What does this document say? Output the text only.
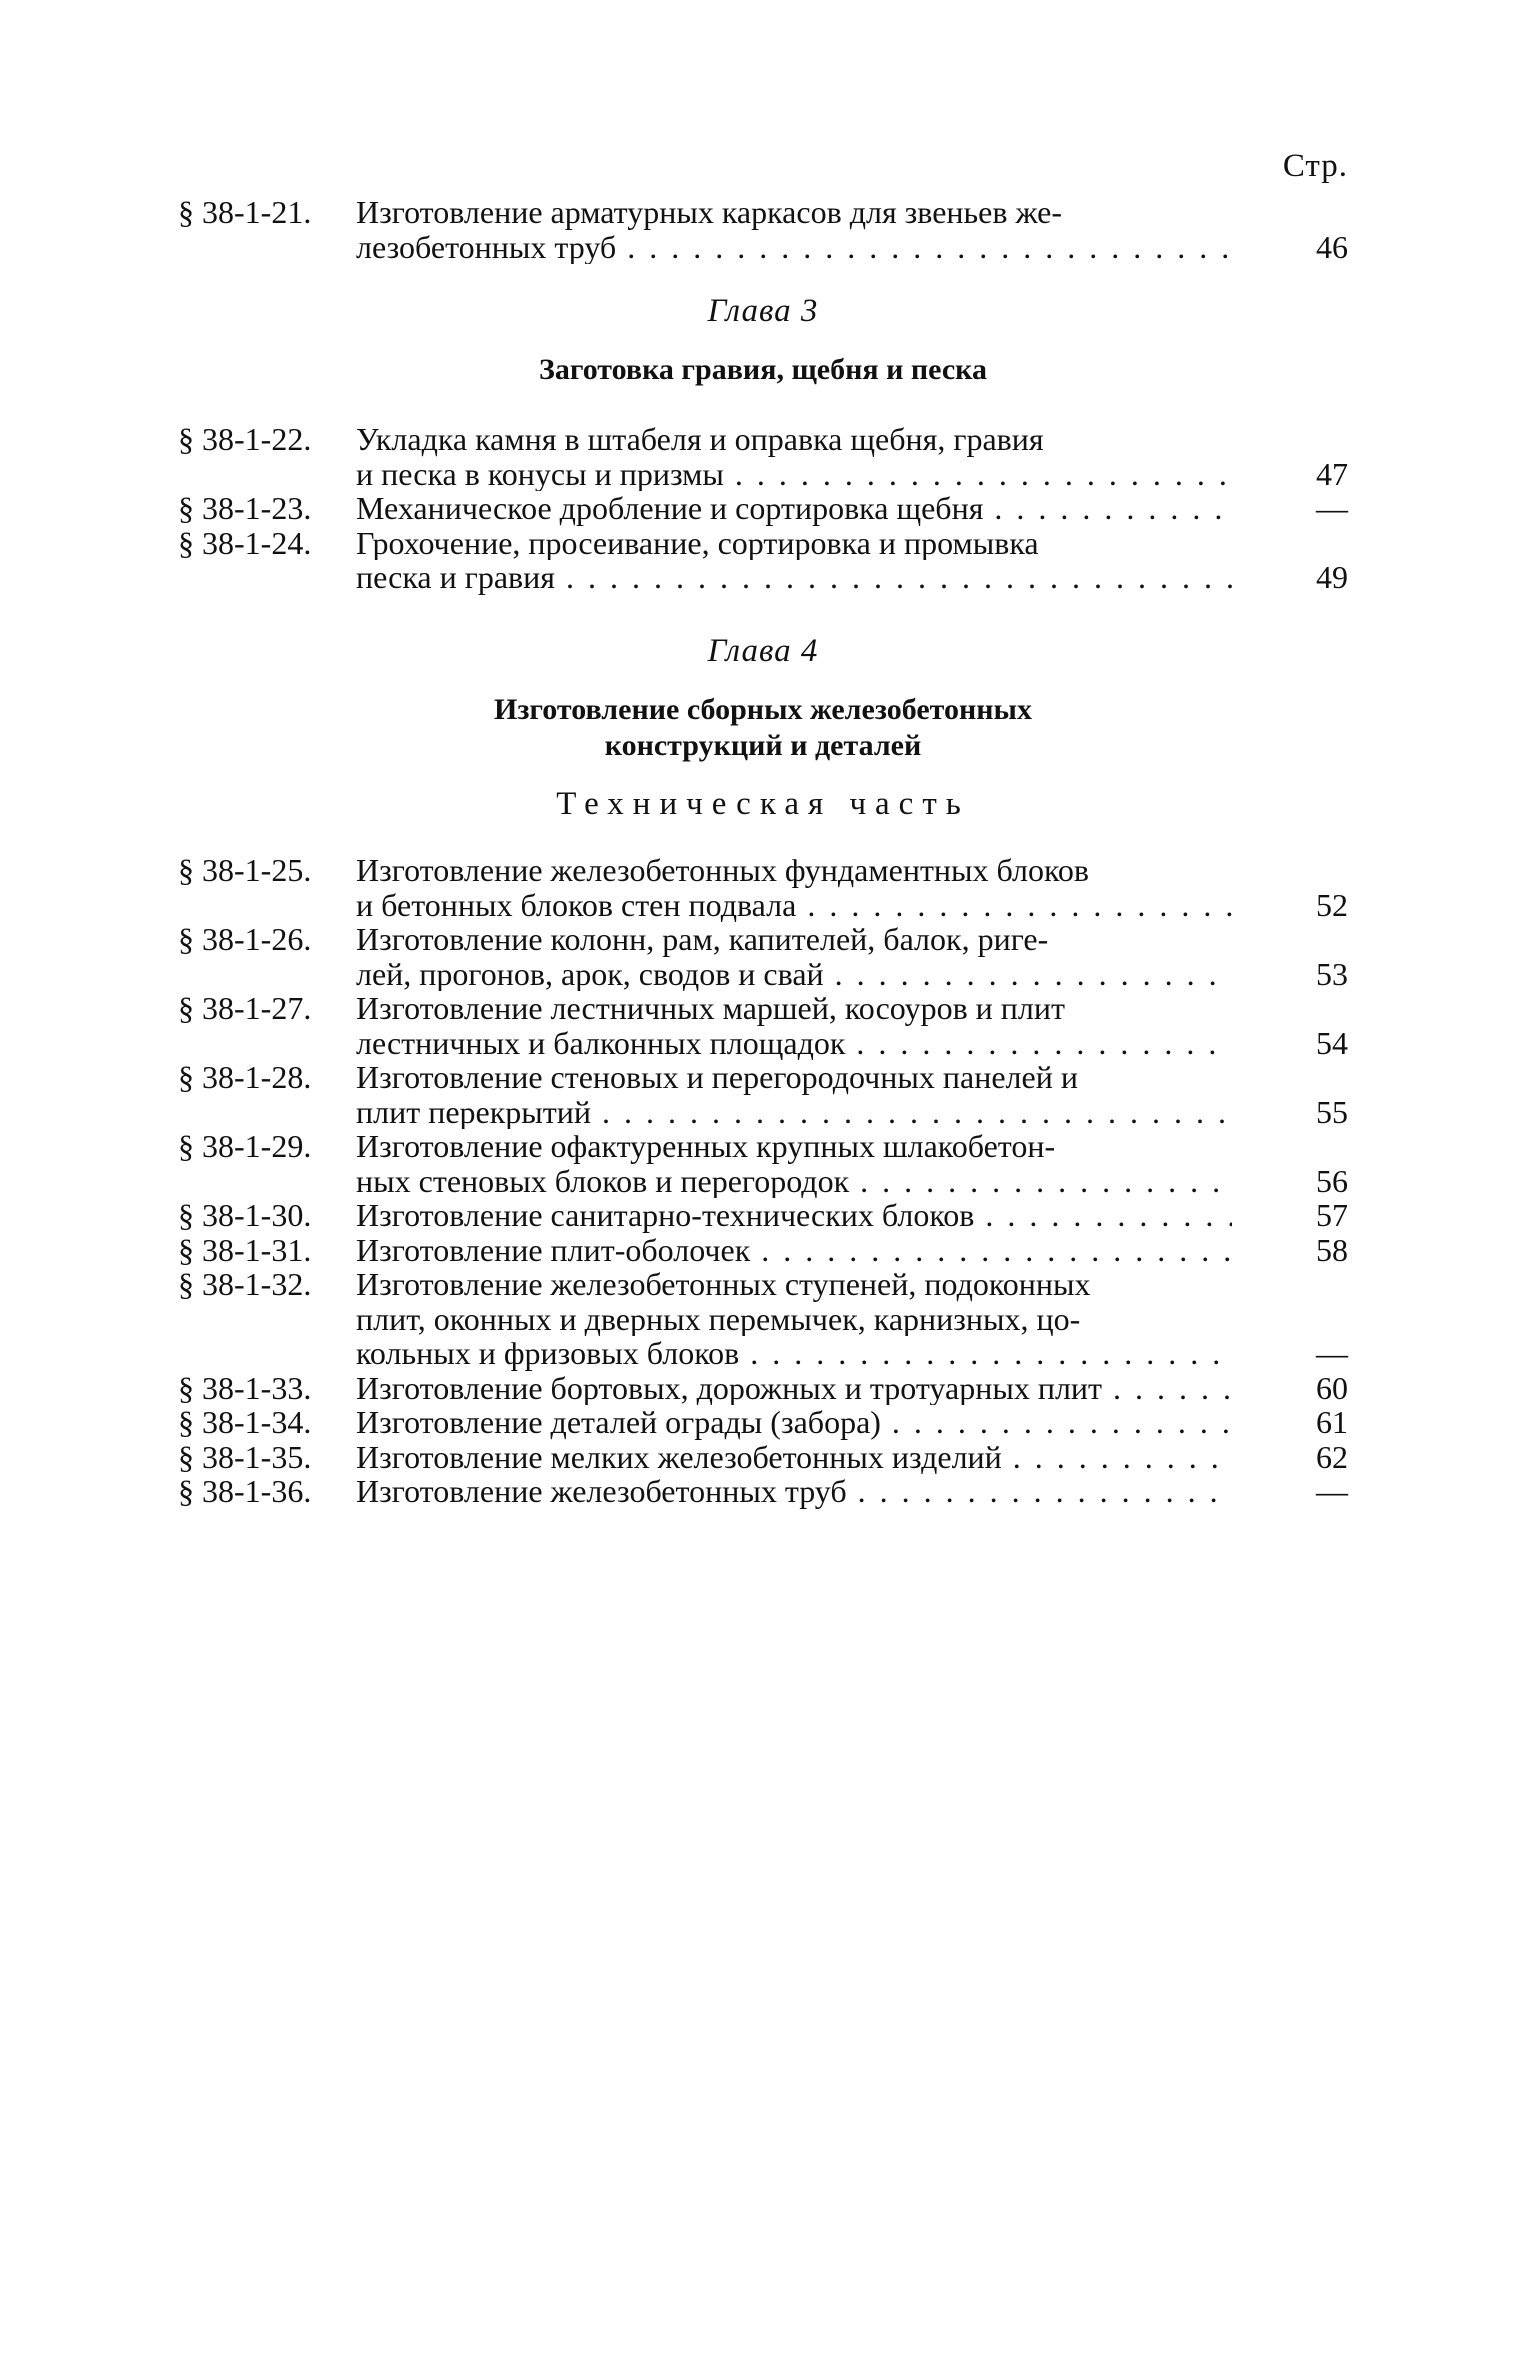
Стр.
§ 38-1-21. Изготовление арматурных каркасов для звеньев же-
лезобетонных труб . . .	46
Глава 3
Заготовка гравия, щебня и песка
§ 38-1-22. Укладка камня в штабеля и оправка щебня, гравия
и песка в конусы и призмы . . .	47
§ 38-1-23. Механическое дробление и сортировка щебня . . .	—
§ 38-1-24. Грохочение, просеивание, сортировка и промывка
песка и гравия . . .	49
Глава 4
Изготовление сборных железобетонных
конструкций и деталей
Техническая часть
§ 38-1-25. Изготовление железобетонных фундаментных блоков
и бетонных блоков стен подвала . . .	52
§ 38-1-26. Изготовление колонн, рам, капителей, балок, риге-
лей, прогонов, арок, сводов и свай . . .	53
§ 38-1-27. Изготовление лестничных маршей, косоуров и плит
лестничных и балконных площадок . . .	54
§ 38-1-28. Изготовление стеновых и перегородочных панелей и
плит перекрытий . . .	55
§ 38-1-29. Изготовление офактуренных крупных шлакобетон-
ных стеновых блоков и перегородок . . .	56
§ 38-1-30. Изготовление санитарно-технических блоков . . .	57
§ 38-1-31. Изготовление плит-оболочек . . .	58
§ 38-1-32. Изготовление железобетонных ступеней, подоконных
плит, оконных и дверных перемычек, карнизных, цо-
кольных и фризовых блоков . . .	—
§ 38-1-33. Изготовление бортовых, дорожных и тротуарных плит . . .	60
§ 38-1-34. Изготовление деталей ограды (забора) . . .	61
§ 38-1-35. Изготовление мелких железобетонных изделий . . .	62
§ 38-1-36. Изготовление железобетонных труб . . .	—
